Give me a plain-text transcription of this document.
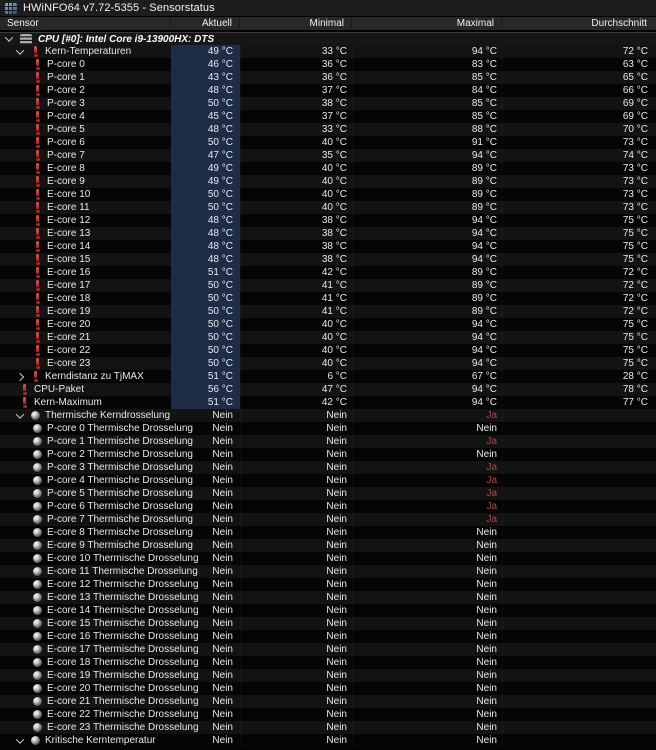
HWiNFO64 v7.72-5355 - Sensorstatus
Sensor	Aktuell	Minimal	Maximal	Durchschnitt
CPU [#0]: Intel Core i9-13900HX: DTS
Kern-Temperaturen	49 °C	33 °C	94 °C	72 °C
P-core 0	46 °C	36 °C	83 °C	63 °C
P-core 1	43 °C	36 °C	85 °C	65 °C
P-core 2	48 °C	37 °C	84 °C	66 °C
P-core 3	50 °C	38 °C	85 °C	69 °C
P-core 4	45 °C	37 °C	85 °C	69 °C
P-core 5	48 °C	33 °C	88 °C	70 °C
P-core 6	50 °C	40 °C	91 °C	73 °C
P-core 7	47 °C	35 °C	94 °C	74 °C
E-core 8	49 °C	40 °C	89 °C	73 °C
E-core 9	49 °C	40 °C	89 °C	73 °C
E-core 10	50 °C	40 °C	89 °C	73 °C
E-core 11	50 °C	40 °C	89 °C	73 °C
E-core 12	48 °C	38 °C	94 °C	75 °C
E-core 13	48 °C	38 °C	94 °C	75 °C
E-core 14	48 °C	38 °C	94 °C	75 °C
E-core 15	48 °C	38 °C	94 °C	75 °C
E-core 16	51 °C	42 °C	89 °C	72 °C
E-core 17	50 °C	41 °C	89 °C	72 °C
E-core 18	50 °C	41 °C	89 °C	72 °C
E-core 19	50 °C	41 °C	89 °C	72 °C
E-core 20	50 °C	40 °C	94 °C	75 °C
E-core 21	50 °C	40 °C	94 °C	75 °C
E-core 22	50 °C	40 °C	94 °C	75 °C
E-core 23	50 °C	40 °C	94 °C	75 °C
Kerndistanz zu TjMAX	51 °C	6 °C	67 °C	28 °C
CPU-Paket	56 °C	47 °C	94 °C	78 °C
Kern-Maximum	51 °C	42 °C	94 °C	77 °C
Thermische Kerndrosselung	Nein	Nein	Ja
P-core 0 Thermische Drosselung	Nein	Nein	Nein
P-core 1 Thermische Drosselung	Nein	Nein	Ja
P-core 2 Thermische Drosselung	Nein	Nein	Nein
P-core 3 Thermische Drosselung	Nein	Nein	Ja
P-core 4 Thermische Drosselung	Nein	Nein	Ja
P-core 5 Thermische Drosselung	Nein	Nein	Ja
P-core 6 Thermische Drosselung	Nein	Nein	Ja
P-core 7 Thermische Drosselung	Nein	Nein	Ja
E-core 8 Thermische Drosselung	Nein	Nein	Nein
E-core 9 Thermische Drosselung	Nein	Nein	Nein
E-core 10 Thermische Drosselung	Nein	Nein	Nein
E-core 11 Thermische Drosselung	Nein	Nein	Nein
E-core 12 Thermische Drosselung	Nein	Nein	Nein
E-core 13 Thermische Drosselung	Nein	Nein	Nein
E-core 14 Thermische Drosselung	Nein	Nein	Nein
E-core 15 Thermische Drosselung	Nein	Nein	Nein
E-core 16 Thermische Drosselung	Nein	Nein	Nein
E-core 17 Thermische Drosselung	Nein	Nein	Nein
E-core 18 Thermische Drosselung	Nein	Nein	Nein
E-core 19 Thermische Drosselung	Nein	Nein	Nein
E-core 20 Thermische Drosselung	Nein	Nein	Nein
E-core 21 Thermische Drosselung	Nein	Nein	Nein
E-core 22 Thermische Drosselung	Nein	Nein	Nein
E-core 23 Thermische Drosselung	Nein	Nein	Nein
Kritische Kerntemperatur	Nein	Nein	Nein
